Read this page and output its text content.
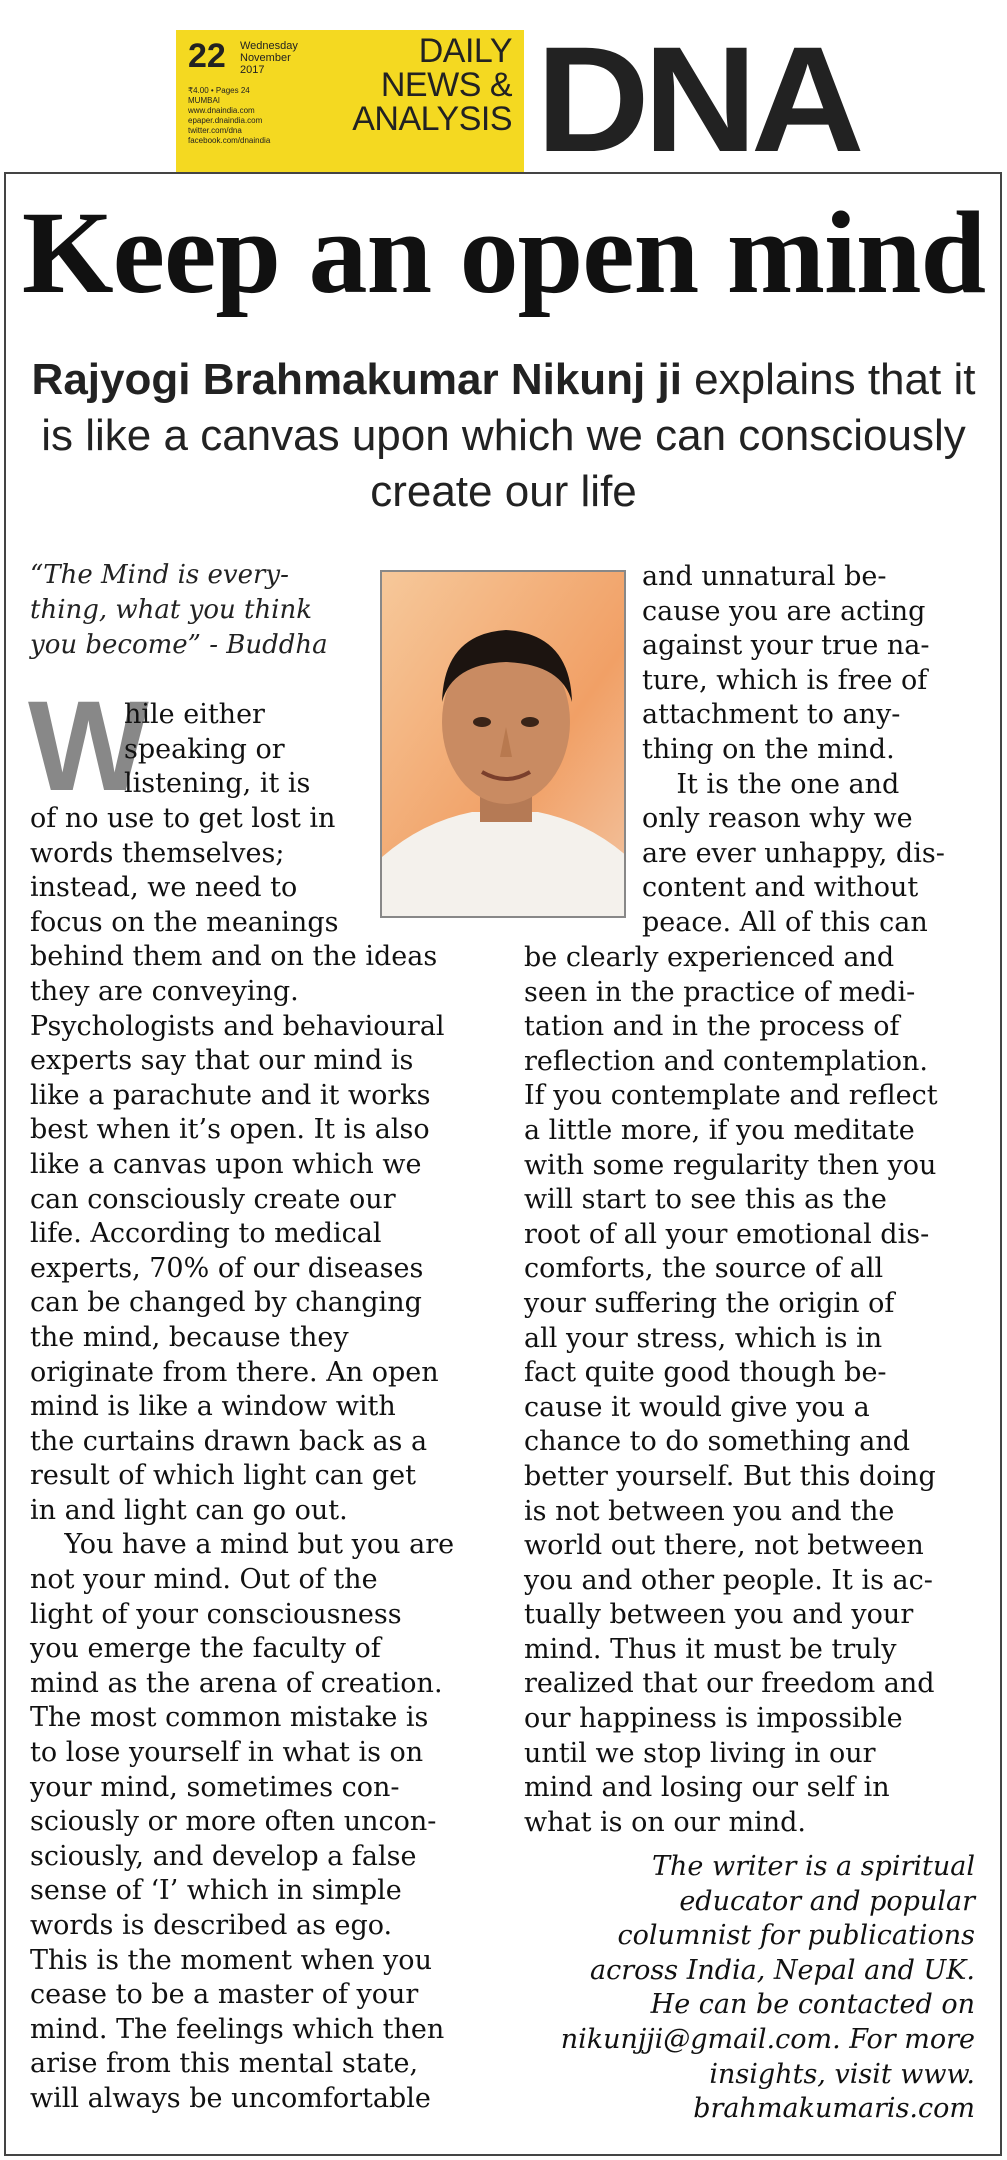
22 Wednesday
November
2017
₹4.00 • Pages 24
MUMBAI
www.dnaindia.com
epaper.dnaindia.com
twitter.com/dna
facebook.com/dnaindia
DAILY
NEWS &
ANALYSIS DNA
Keep an open mind
Rajyogi Brahmakumar Nikunj ji explains that it is like a canvas upon which we can consciously create our life
“The Mind is every-
thing, what you think
you become” - Buddha
W
hile either
speaking or
listening, it is
of no use to get lost in
words themselves;
instead, we need to
focus on the meanings
behind them and on the ideas
they are conveying.
Psychologists and behavioural
experts say that our mind is
like a parachute and it works
best when it’s open. It is also
like a canvas upon which we
can consciously create our
life. According to medical
experts, 70% of our diseases
can be changed by changing
the mind, because they
originate from there. An open
mind is like a window with
the curtains drawn back as a
result of which light can get
in and light can go out.
You have a mind but you are
not your mind. Out of the
light of your consciousness
you emerge the faculty of
mind as the arena of creation.
The most common mistake is
to lose yourself in what is on
your mind, sometimes con-
sciously or more often uncon-
sciously, and develop a false
sense of ‘I’ which in simple
words is described as ego.
This is the moment when you
cease to be a master of your
mind. The feelings which then
arise from this mental state,
will always be uncomfortable
and unnatural be-
cause you are acting
against your true na-
ture, which is free of
attachment to any-
thing on the mind.
It is the one and
only reason why we
are ever unhappy, dis-
content and without
peace. All of this can
be clearly experienced and
seen in the practice of medi-
tation and in the process of
reflection and contemplation.
If you contemplate and reflect
a little more, if you meditate
with some regularity then you
will start to see this as the
root of all your emotional dis-
comforts, the source of all
your suffering the origin of
all your stress, which is in
fact quite good though be-
cause it would give you a
chance to do something and
better yourself. But this doing
is not between you and the
world out there, not between
you and other people. It is ac-
tually between you and your
mind. Thus it must be truly
realized that our freedom and
our happiness is impossible
until we stop living in our
mind and losing our self in
what is on our mind.
The writer is a spiritual
educator and popular
columnist for publications
across India, Nepal and UK.
He can be contacted on
nikunjji@gmail.com. For more
insights, visit www.
brahmakumaris.com
